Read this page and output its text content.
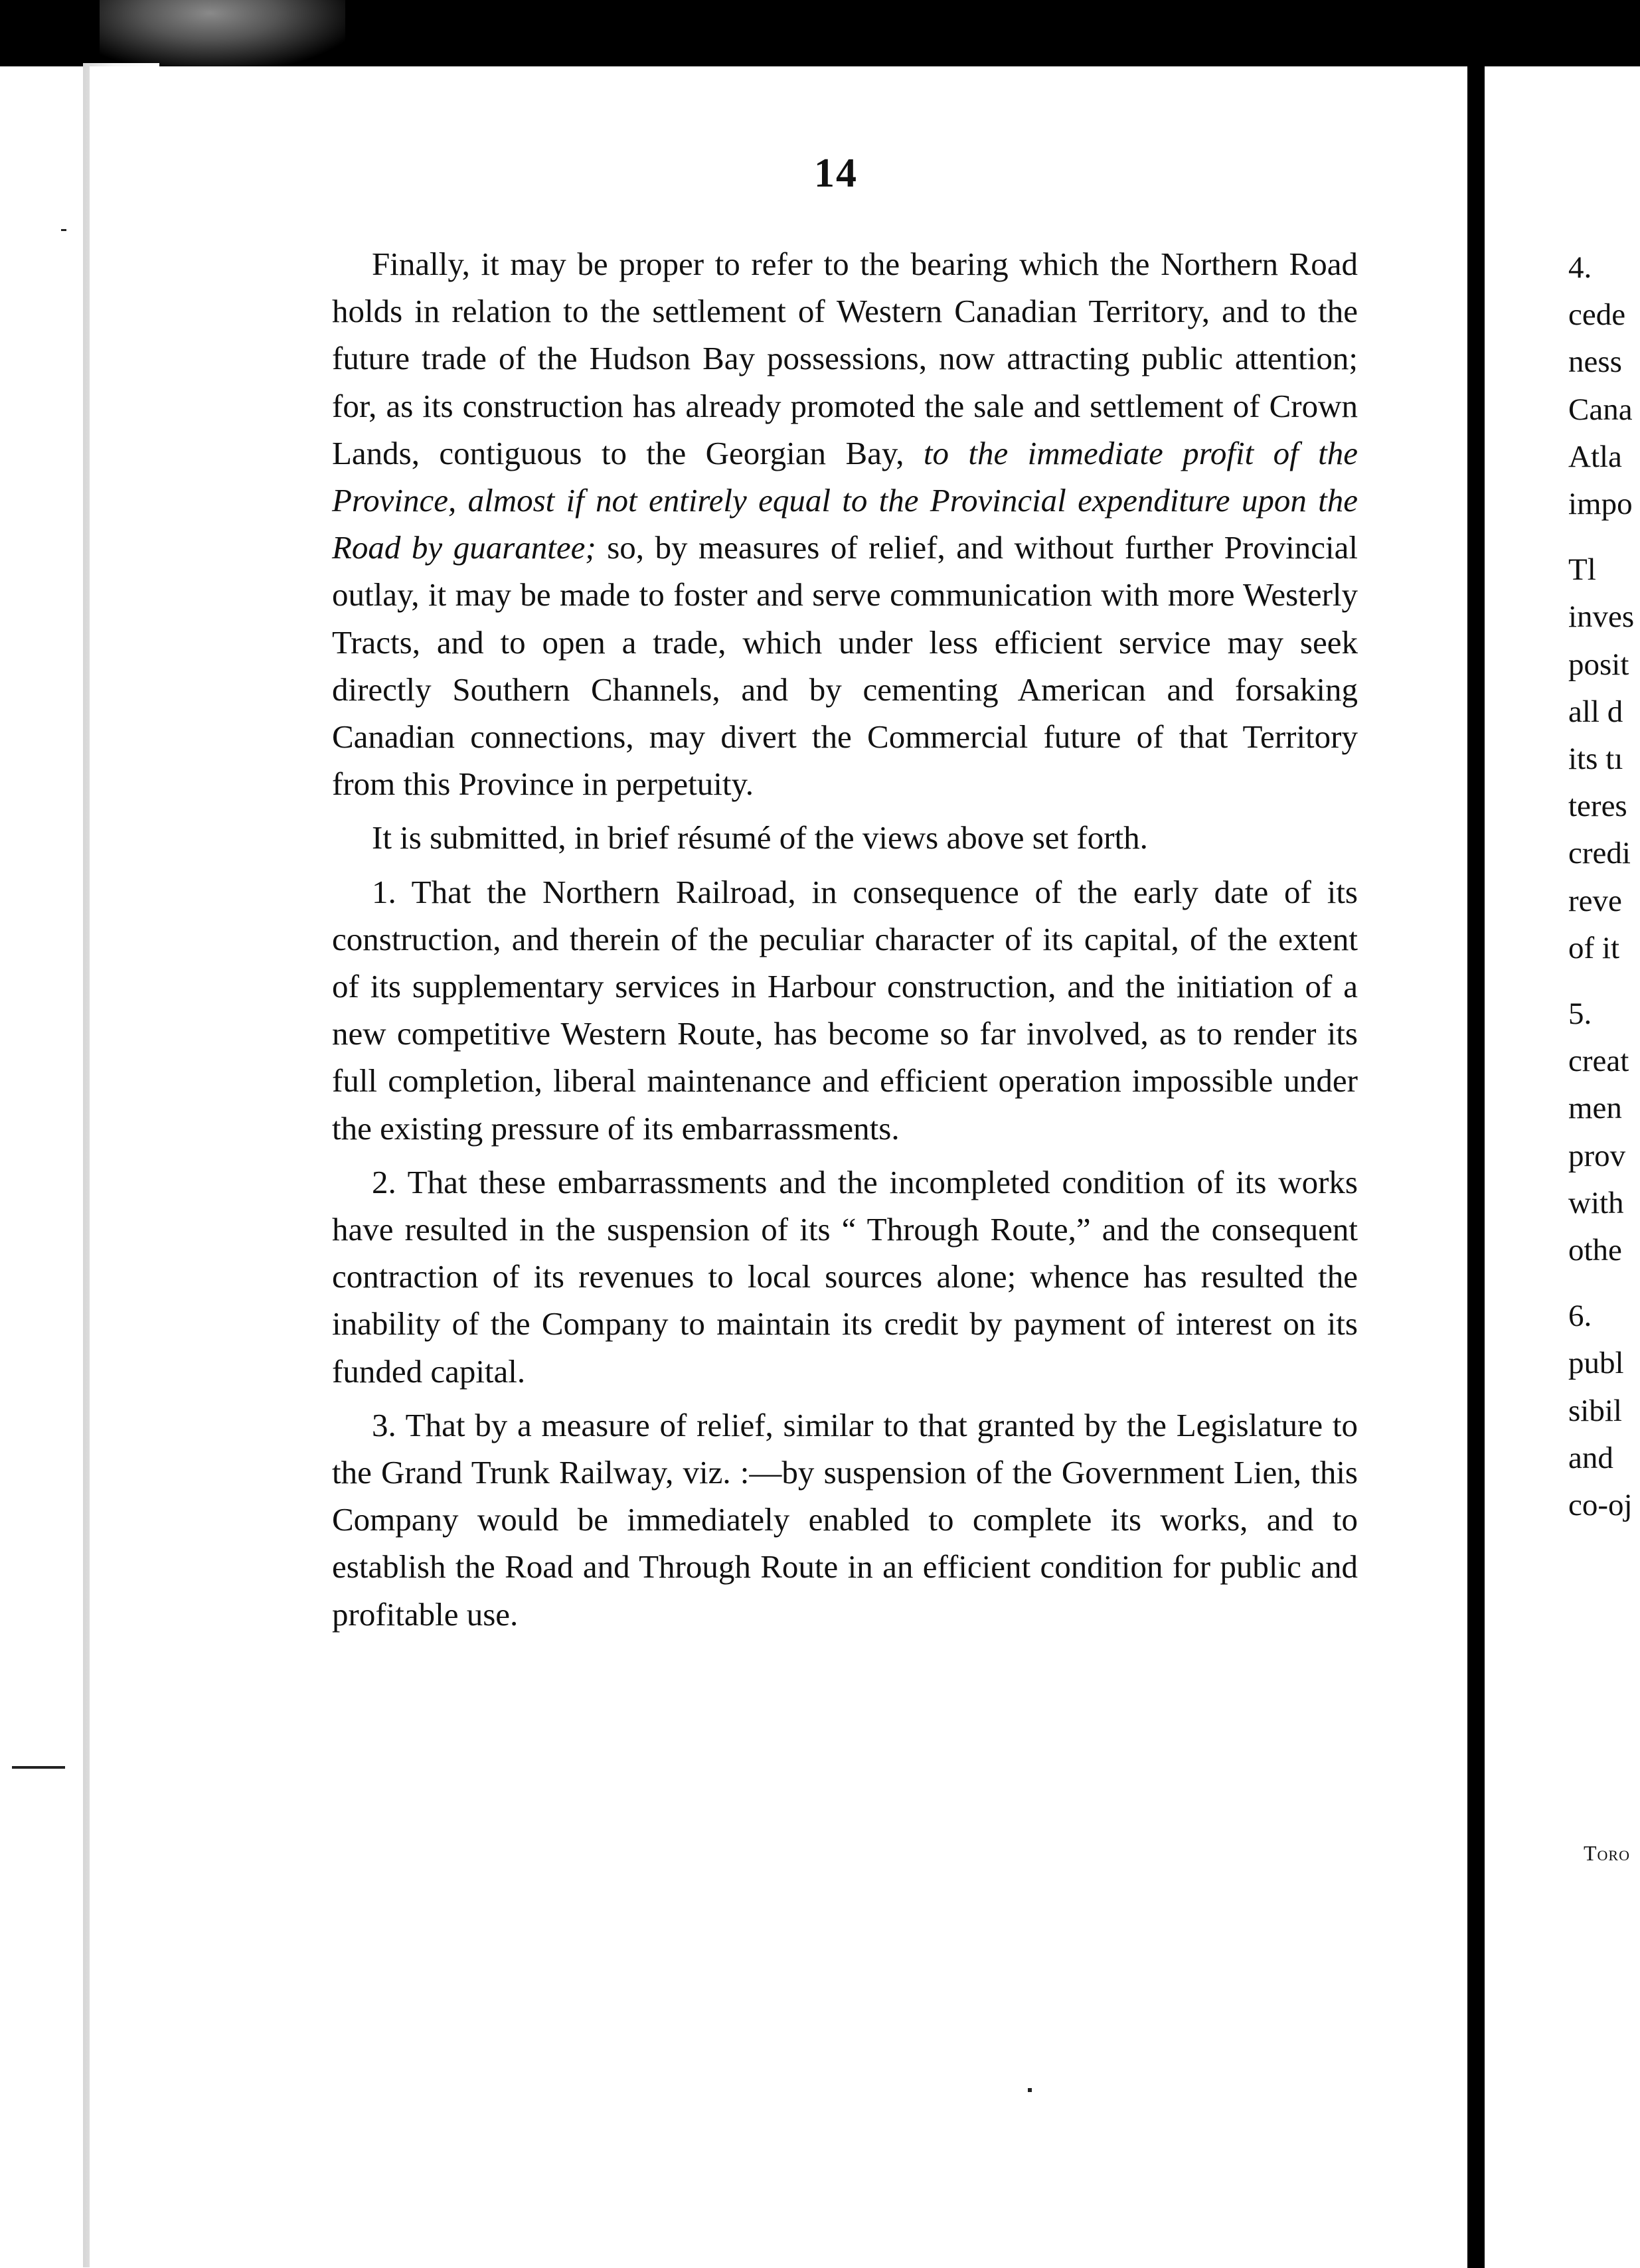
14

Finally, it may be proper to refer to the bearing which the Northern Road holds in relation to the settlement of Western Canadian Territory, and to the future trade of the Hudson Bay possessions, now attracting public attention; for, as its construction has already promoted the sale and settlement of Crown Lands, contiguous to the Georgian Bay, to the immediate profit of the Province, almost if not entirely equal to the Provincial expenditure upon the Road by guarantee; so, by measures of relief, and without further Provincial outlay, it may be made to foster and serve communication with more Westerly Tracts, and to open a trade, which under less efficient service may seek directly Southern Channels, and by cementing American and forsaking Canadian connections, may divert the Commercial future of that Territory from this Province in perpetuity.

It is submitted, in brief résumé of the views above set forth.

1. That the Northern Railroad, in consequence of the early date of its construction, and therein of the peculiar character of its capital, of the extent of its supplementary services in Harbour construction, and the initiation of a new competitive Western Route, has become so far involved, as to render its full completion, liberal maintenance and efficient operation impossible under the existing pressure of its embarrassments.

2. That these embarrassments and the incompleted condition of its works have resulted in the suspension of its “ Through Route,” and the consequent contraction of its revenues to local sources alone; whence has resulted the inability of the Company to maintain its credit by payment of interest on its funded capital.

3. That by a measure of relief, similar to that granted by the Legislature to the Grand Trunk Railway, viz. :—by suspension of the Government Lien, this Company would be immediately enabled to complete its works, and to establish the Road and Through Route in an efficient condition for public and profitable use.

4.
cede
ness
Cana
Atla
impo
Tl
inves
posit
all d
its tı
teres
credi
reve
of it
5.
creat
men
prov
with
othe
6.
publ
sibil
and
co-oj
Toro
